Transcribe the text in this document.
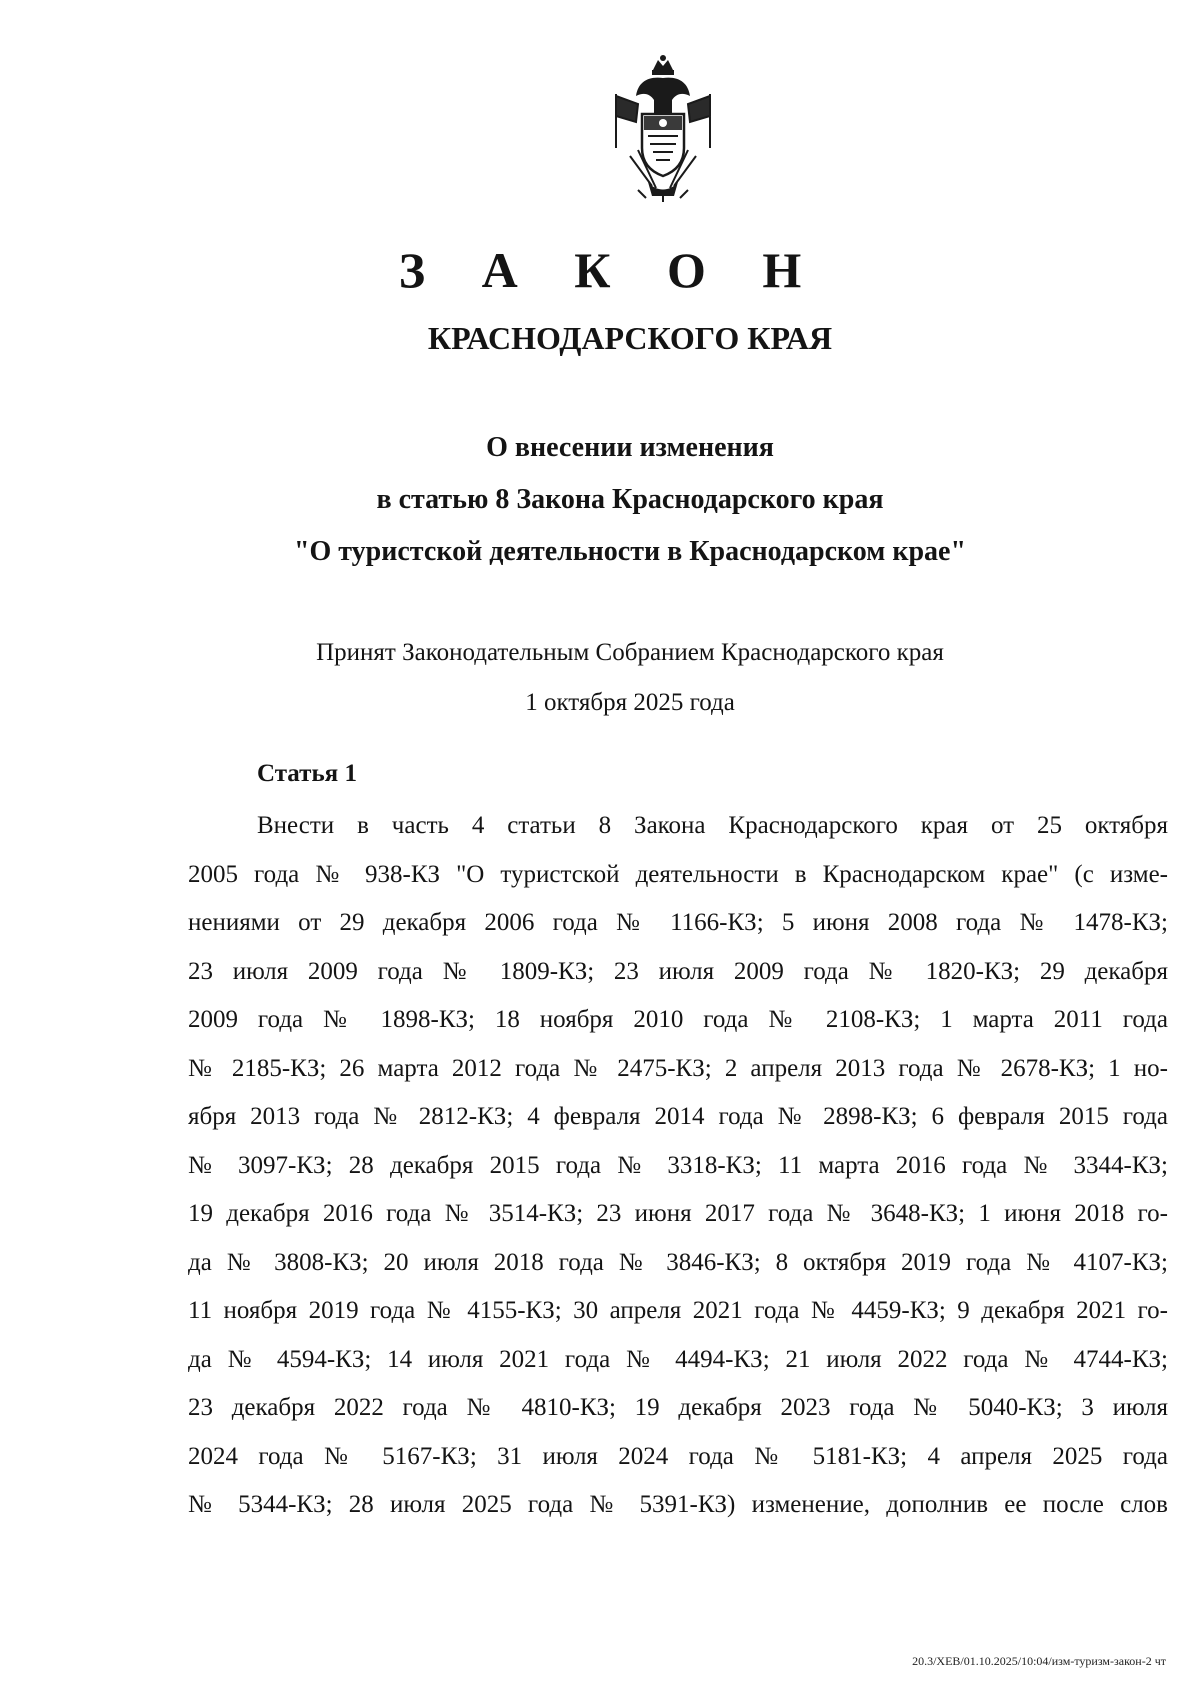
З А К О Н
КРАСНОДАРСКОГО КРАЯ
О внесении изменения
в статью 8 Закона Краснодарского края
"О туристской деятельности в Краснодарском крае"
Принят Законодательным Собранием Краснодарского края
1 октября 2025 года
Статья 1
Внести в часть 4 статьи 8 Закона Краснодарского края от 25 октября
2005 года № 938-КЗ "О туристской деятельности в Краснодарском крае" (с изме-
нениями от 29 декабря 2006 года № 1166-КЗ; 5 июня 2008 года № 1478-КЗ;
23 июля 2009 года № 1809-КЗ; 23 июля 2009 года № 1820-КЗ; 29 декабря
2009 года № 1898-КЗ; 18 ноября 2010 года № 2108-КЗ; 1 марта 2011 года
№ 2185-КЗ; 26 марта 2012 года № 2475-КЗ; 2 апреля 2013 года № 2678-КЗ; 1 но-
ября 2013 года № 2812-КЗ; 4 февраля 2014 года № 2898-КЗ; 6 февраля 2015 года
№ 3097-КЗ; 28 декабря 2015 года № 3318-КЗ; 11 марта 2016 года № 3344-КЗ;
19 декабря 2016 года № 3514-КЗ; 23 июня 2017 года № 3648-КЗ; 1 июня 2018 го-
да № 3808-КЗ; 20 июля 2018 года № 3846-КЗ; 8 октября 2019 года № 4107-КЗ;
11 ноября 2019 года № 4155-КЗ; 30 апреля 2021 года № 4459-КЗ; 9 декабря 2021 го-
да № 4594-КЗ; 14 июля 2021 года № 4494-КЗ; 21 июля 2022 года № 4744-КЗ;
23 декабря 2022 года № 4810-КЗ; 19 декабря 2023 года № 5040-КЗ; 3 июля
2024 года № 5167-КЗ; 31 июля 2024 года № 5181-КЗ; 4 апреля 2025 года
№ 5344-КЗ; 28 июля 2025 года № 5391-КЗ) изменение, дополнив ее после слов
20.3/ХЕВ/01.10.2025/10:04/изм-туризм-закон-2 чт
